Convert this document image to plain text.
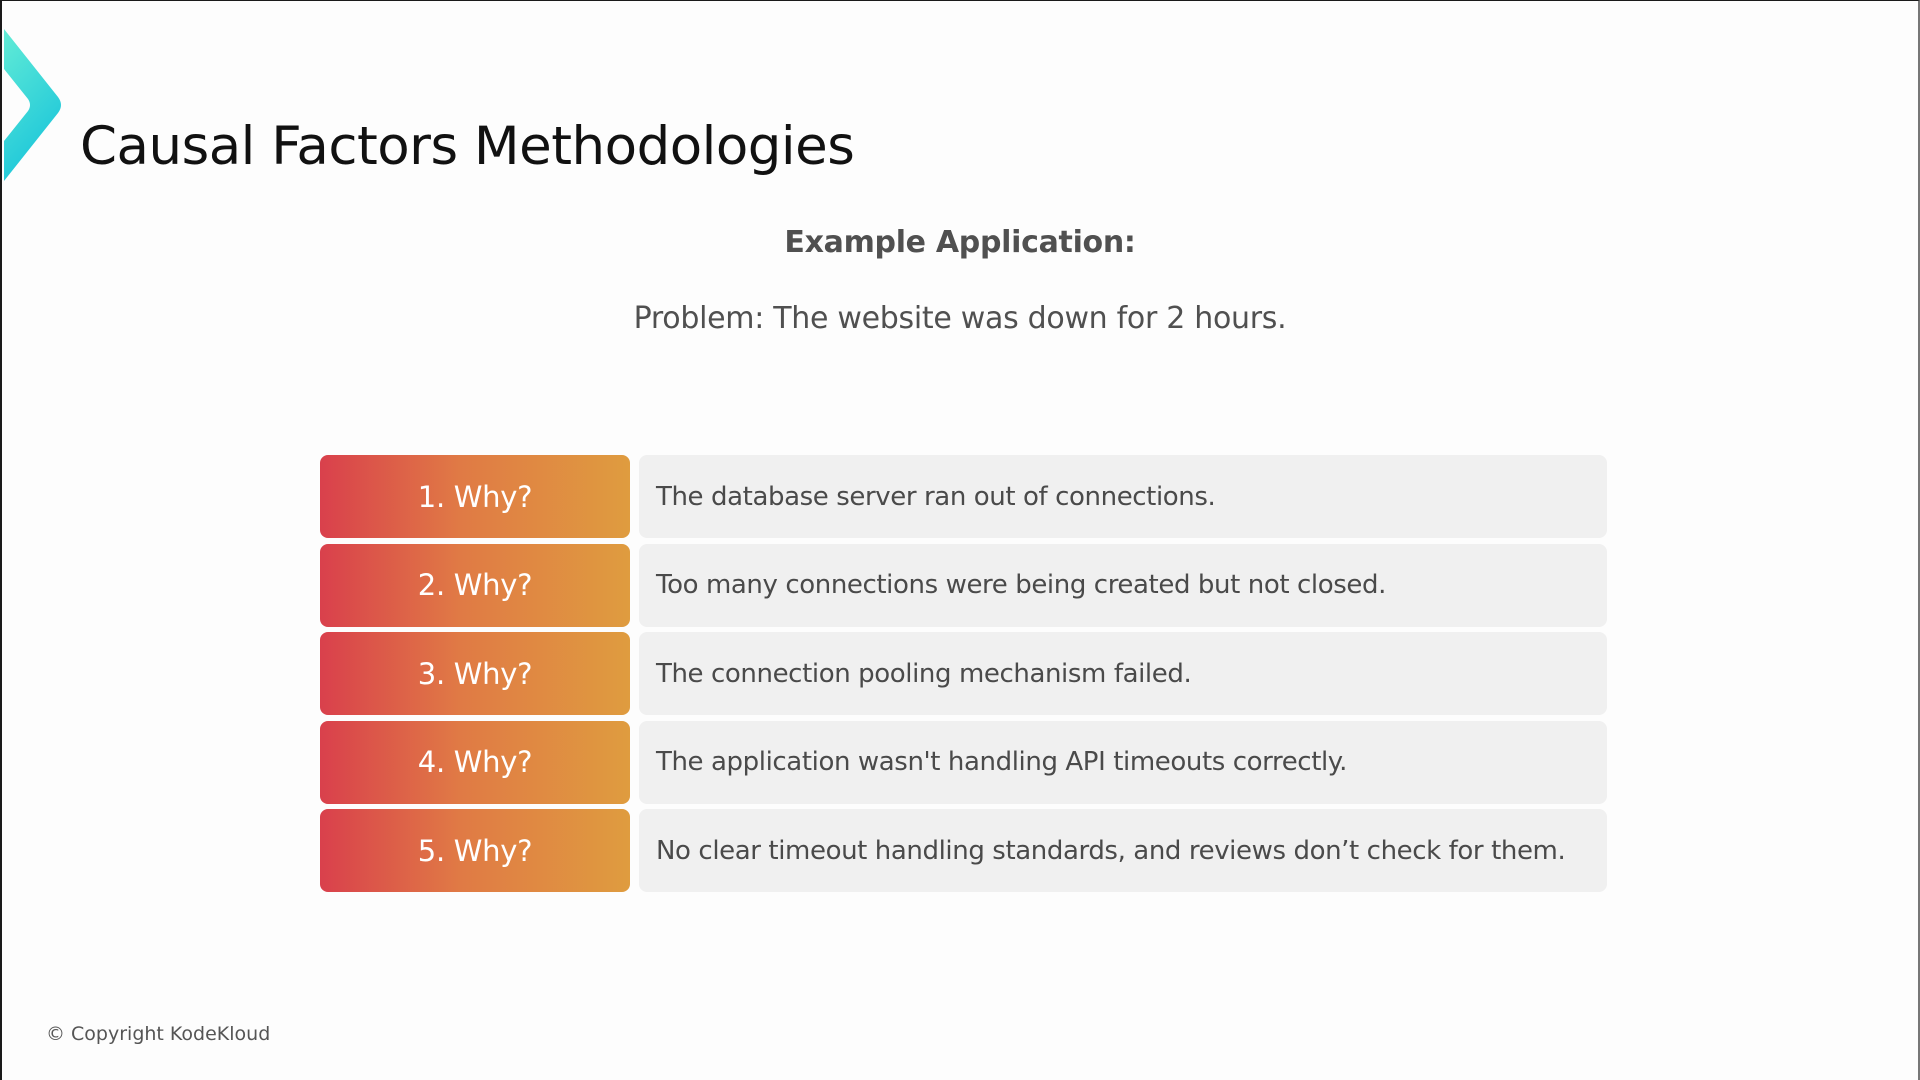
Causal Factors Methodologies
Example Application:
Problem: The website was down for 2 hours.
1. Why?	The database server ran out of connections.
2. Why?	Too many connections were being created but not closed.
3. Why?	The connection pooling mechanism failed.
4. Why?	The application wasn't handling API timeouts correctly.
5. Why?	No clear timeout handling standards, and reviews don’t check for them.
© Copyright KodeKloud
